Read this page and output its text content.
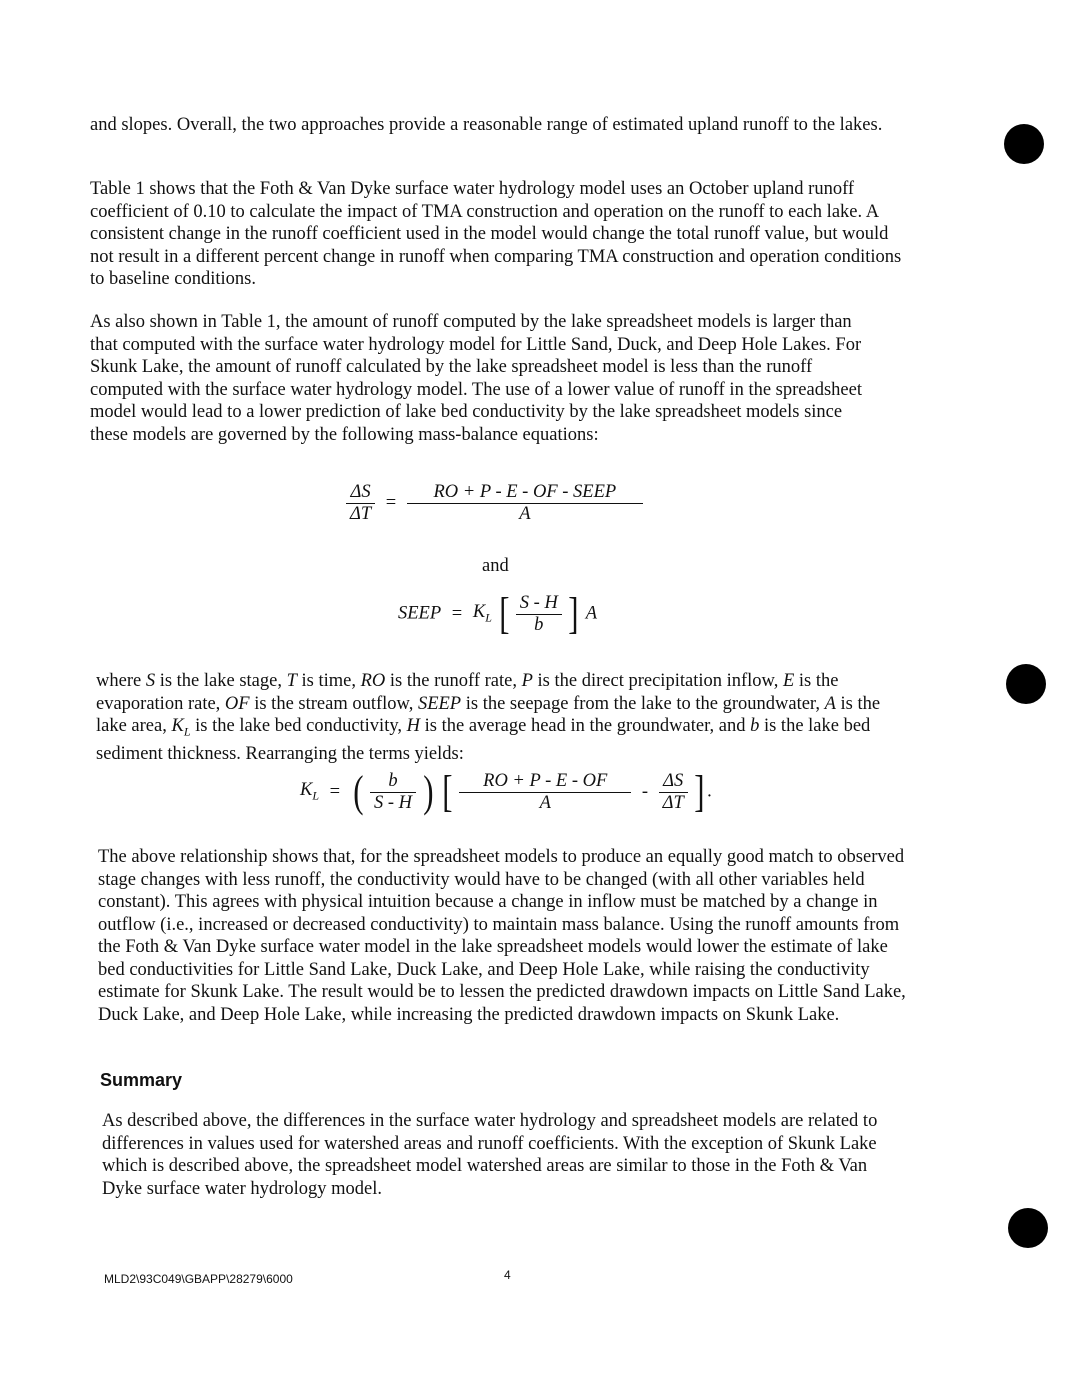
and slopes. Overall, the two approaches provide a reasonable range of estimated upland runoff to the lakes.

Table 1 shows that the Foth & Van Dyke surface water hydrology model uses an October upland runoff coefficient of 0.10 to calculate the impact of TMA construction and operation on the runoff to each lake. A consistent change in the runoff coefficient used in the model would change the total runoff value, but would not result in a different percent change in runoff when comparing TMA construction and operation conditions to baseline conditions.

As also shown in Table 1, the amount of runoff computed by the lake spreadsheet models is larger than that computed with the surface water hydrology model for Little Sand, Duck, and Deep Hole Lakes. For Skunk Lake, the amount of runoff calculated by the lake spreadsheet model is less than the runoff computed with the surface water hydrology model. The use of a lower value of runoff in the spreadsheet model would lead to a lower prediction of lake bed conductivity by the lake spreadsheet models since these models are governed by the following mass-balance equations:

$\frac{\Delta S}{\Delta T} = \frac{\text{RO + P - E - OF - SEEP}}{A}$
and
SEEP = $K_L$ [ $\frac{S - H}{b}$ ] A

where S is the lake stage, T is time, RO is the runoff rate, P is the direct precipitation inflow, E is the evaporation rate, OF is the stream outflow, SEEP is the seepage from the lake to the groundwater, A is the lake area, $K_L$ is the lake bed conductivity, H is the average head in the groundwater, and b is the lake bed sediment thickness. Rearranging the terms yields:

$K_L$ = ( $\frac{b}{S - H}$ ) [ $\frac{RO + P - E - OF}{A} - \frac{\Delta S}{\Delta T}$ ] .

The above relationship shows that, for the spreadsheet models to produce an equally good match to observed stage changes with less runoff, the conductivity would have to be changed (with all other variables held constant). This agrees with physical intuition because a change in inflow must be matched by a change in outflow (i.e., increased or decreased conductivity) to maintain mass balance. Using the runoff amounts from the Foth & Van Dyke surface water model in the lake spreadsheet models would lower the estimate of lake bed conductivities for Little Sand Lake, Duck Lake, and Deep Hole Lake, while raising the conductivity estimate for Skunk Lake. The result would be to lessen the predicted drawdown impacts on Little Sand Lake, Duck Lake, and Deep Hole Lake, while increasing the predicted drawdown impacts on Skunk Lake.

Summary

As described above, the differences in the surface water hydrology and spreadsheet models are related to differences in values used for watershed areas and runoff coefficients. With the exception of Skunk Lake which is described above, the spreadsheet model watershed areas are similar to those in the Foth & Van Dyke surface water hydrology model.

MLD2\93C049\GBAPP\28279\6000	4
